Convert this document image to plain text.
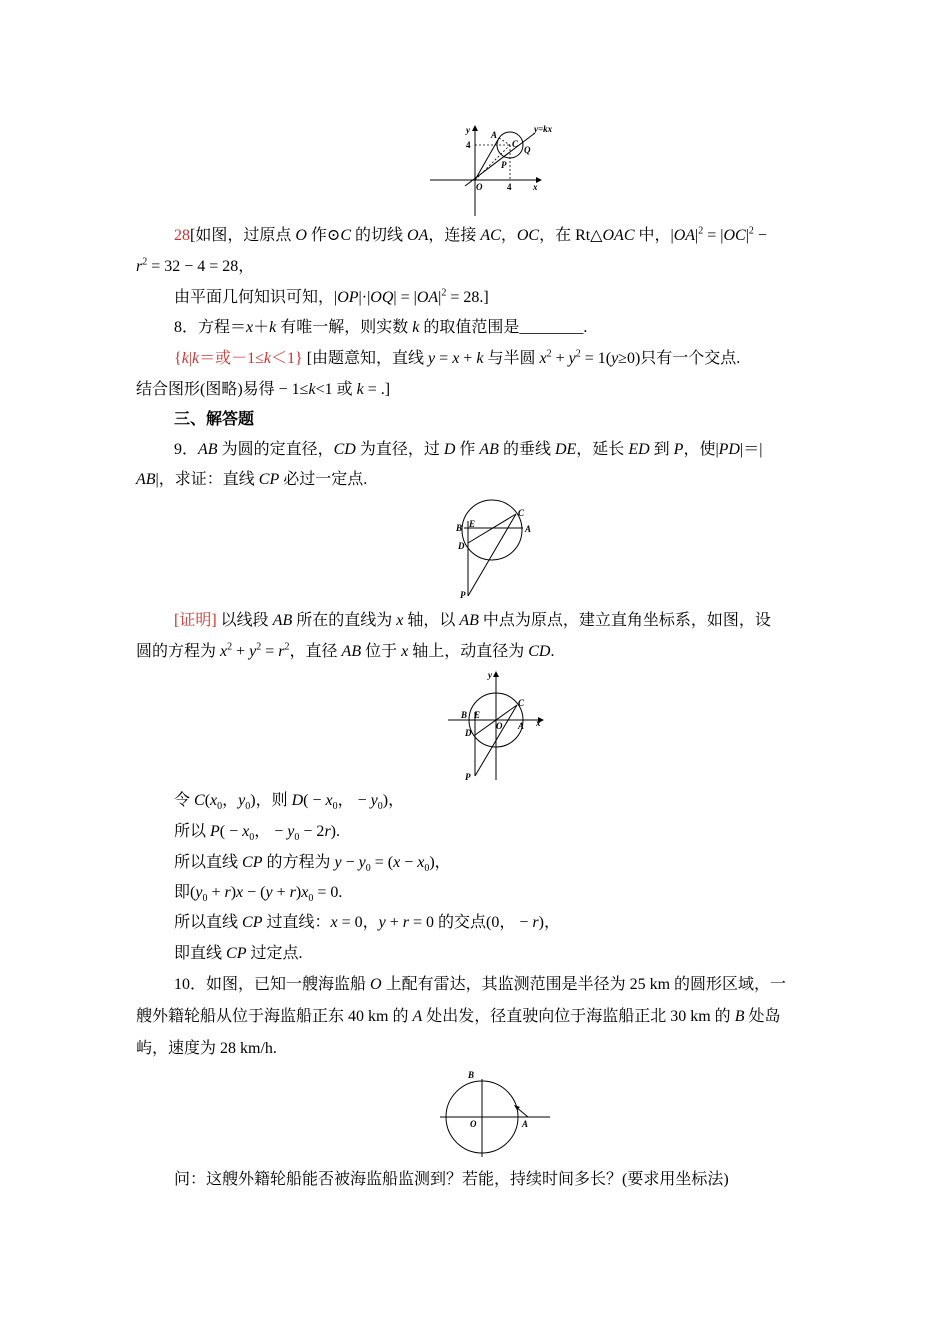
y
x
O
4
4
A
C
P
Q
y=kx
28[如图，过原点 O 作⊙C 的切线 OA，连接 AC，OC，在 Rt△OAC 中，$|OA|^2 = |OC|^2$ −
$r^2 = 32 - 4 = 28$，
由平面几何知识可知，$|OP|\cdot|OQ| = |OA|^2 = 28$.]
8．方程＝x＋k 有唯一解，则实数 k 的取值范围是________.
{k|k＝或－1≤k＜1} [由题意知，直线 y = x + k 与半圆 $x^2 + y^2 = 1(y\ge 0)$只有一个交点.
结合图形(图略)易得 − 1≤k<1 或 k = .]
三、解答题
9．AB 为圆的定直径，CD 为直径，过 D 作 AB 的垂线 DE，延长 ED 到 P，使|PD|＝|
AB|，求证：直线 CP 必过一定点.
B E
C
A
D
P
[证明] 以线段 AB 所在的直线为 x 轴，以 AB 中点为原点，建立直角坐标系，如图，设
圆的方程为 $x^2 + y^2 = r^2$，直径 AB 位于 x 轴上，动直径为 CD.
y
C
B E
O A x
D
P
令 $C(x_0$，$y_0$)，则 $D( - x_0$， − $y_0$)，
所以 $P( - x_0$， − $y_0 - 2r$).
所以直线 CP 的方程为 $y - y_0 = (x - x_0)$，
即$(y_0 + r)x - (y + r)x_0 = 0$.
所以直线 CP 过直线：x = 0，y + r = 0 的交点(0， − r)，
即直线 CP 过定点.
10．如图，已知一艘海监船 O 上配有雷达，其监测范围是半径为 25 km 的圆形区域，一
艘外籍轮船从位于海监船正东 40 km 的 A 处出发，径直驶向位于海监船正北 30 km 的 B 处岛
屿，速度为 28 km/h.
B
O	A
问：这艘外籍轮船能否被海监船监测到？若能，持续时间多长？(要求用坐标法)
